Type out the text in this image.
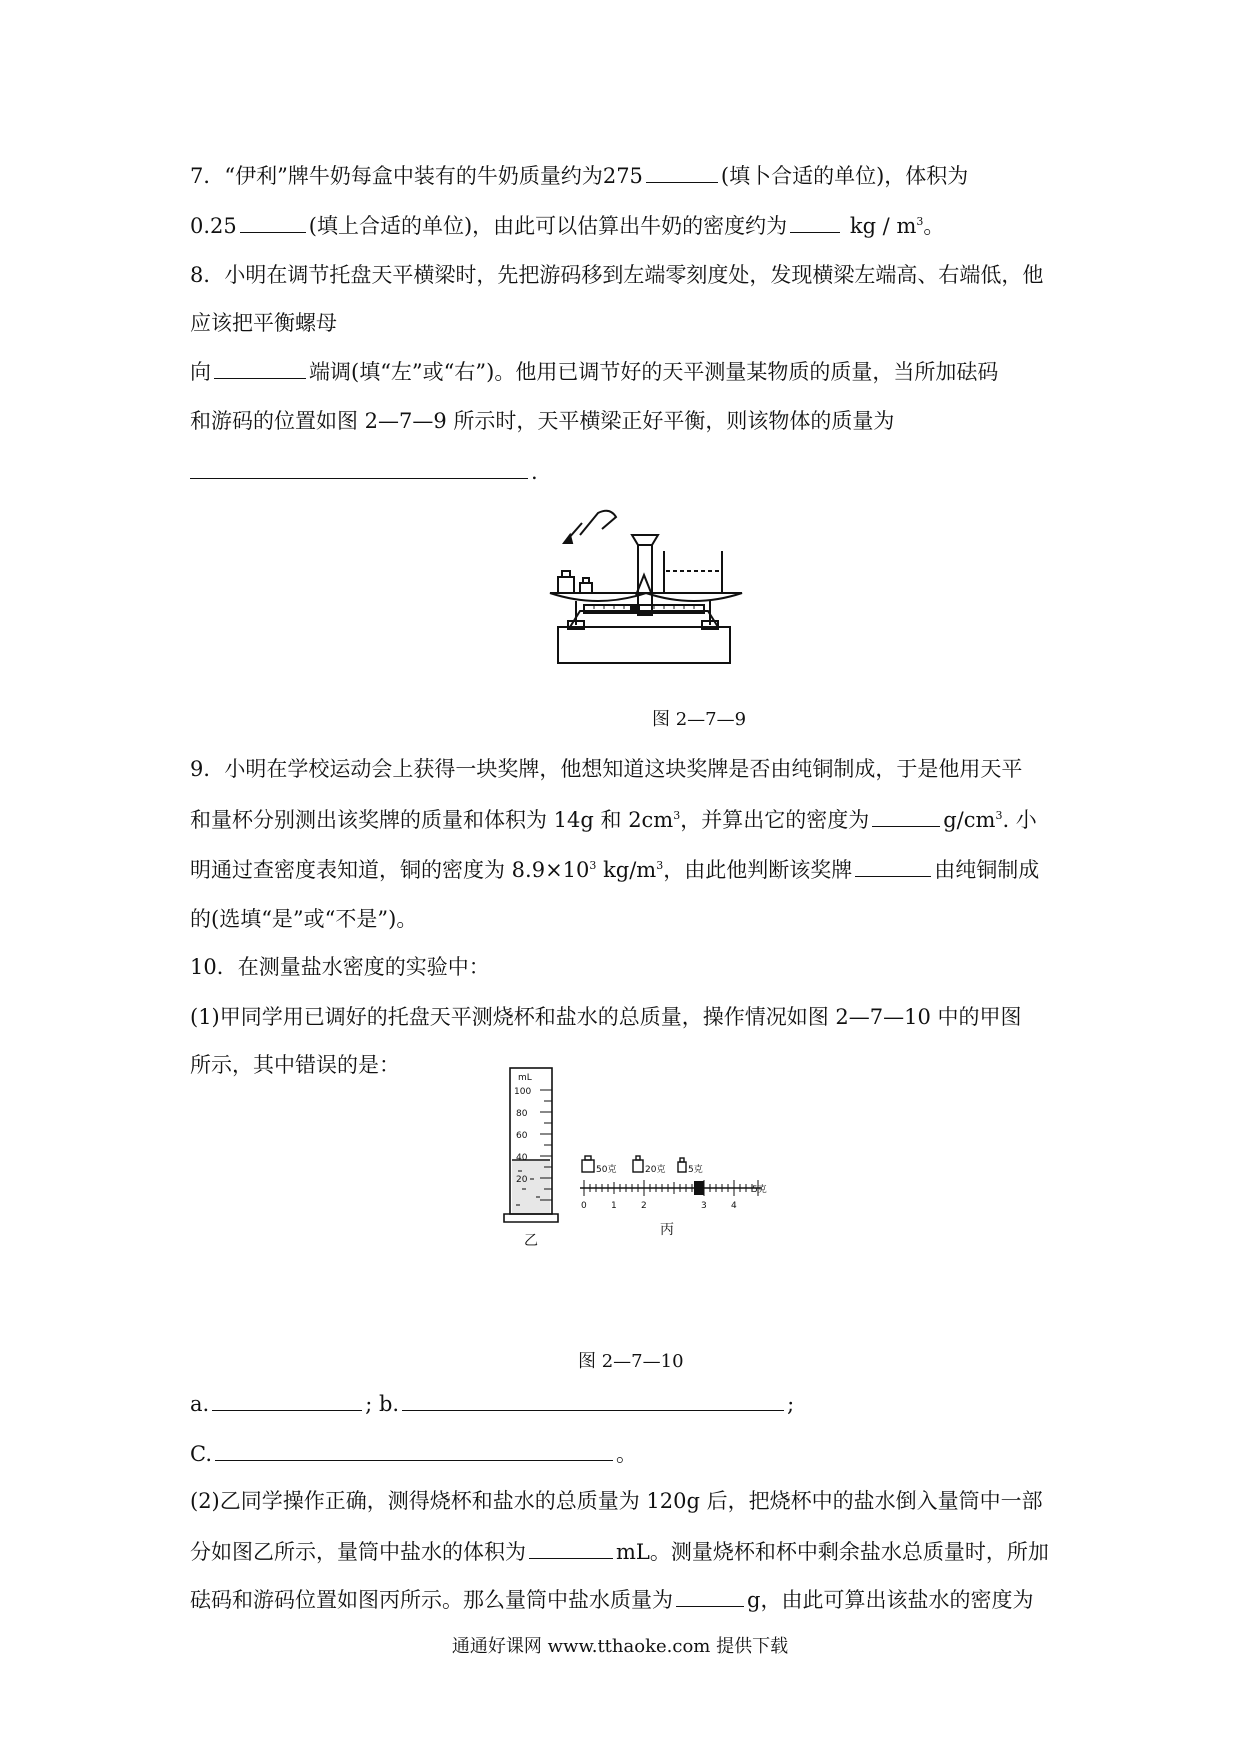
7．“伊利”牌牛奶每盒中装有的牛奶质量约为275	(填卜合适的单位)，体积为
0.25	(填上合适的单位)，由此可以估算出牛奶的密度约为	kg / $m^3$。
8．小明在调节托盘天平横梁时，先把游码移到左端零刻度处，发现横梁左端高、右端低，他
应该把平衡螺母
向	端调(填“左”或“右”)。他用已调节好的天平测量某物质的质量，当所加砝码
和游码的位置如图 2—7—9 所示时，天平横梁正好平衡，则该物体的质量为
.
图 2—7—9
9．小明在学校运动会上获得一块奖牌，他想知道这块奖牌是否由纯铜制成，于是他用天平
和量杯分别测出该奖牌的质量和体积为 14g 和 $2cm^3$，并算出它的密度为	$g/cm^3$. 小
明通过查密度表知道，铜的密度为 $8.9\times 10^3$ $kg/m^3$，由此他判断该奖牌	由纯铜制成
的(选填“是”或“不是”)。
10．在测量盐水密度的实验中：
(1)甲同学用已调好的托盘天平测烧杯和盐水的总质量，操作情况如图 2—7—10 中的甲图
所示，其中错误的是：
mL
100
80
60
40
20
乙
50克	20克	5克
0	1	2	3	4
5克
丙
图 2—7—10
a.	; b.	;
C.	。
(2)乙同学操作正确，测得烧杯和盐水的总质量为 120g 后，把烧杯中的盐水倒入量筒中一部
分如图乙所示，量筒中盐水的体积为	mL。测量烧杯和杯中剩余盐水总质量时，所加
砝码和游码位置如图丙所示。那么量筒中盐水质量为	g，由此可算出该盐水的密度为
通通好课网 www.tthaoke.com 提供下载
